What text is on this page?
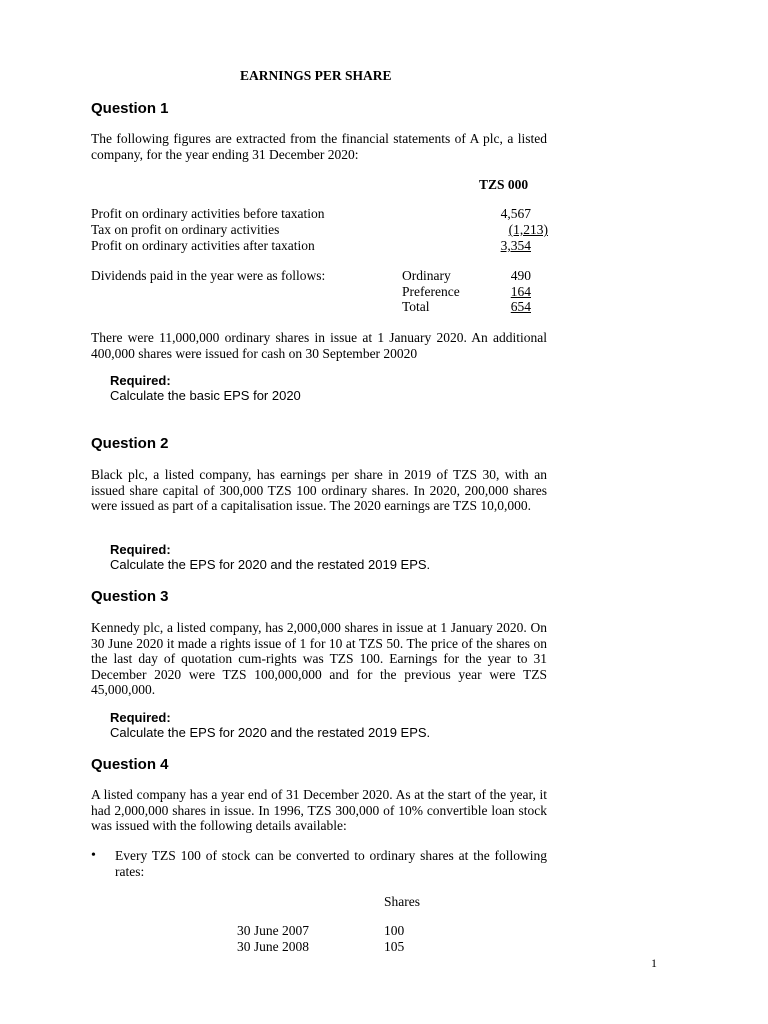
EARNINGS PER SHARE
Question 1
The following figures are extracted from the financial statements of A plc, a listed company, for the year ending 31 December 2020:
TZS 000
Profit on ordinary activities before taxation	4,567
Tax on profit on ordinary activities	(1,213)
Profit on ordinary activities after taxation	3,354
Dividends paid in the year were as follows:	Ordinary	490
Preference	164
Total	654
There were 11,000,000 ordinary shares in issue at 1 January 2020. An additional 400,000 shares were issued for cash on 30 September 20020
Required:
Calculate the basic EPS for 2020
Question 2
Black plc, a listed company, has earnings per share in 2019 of TZS 30, with an issued share capital of 300,000 TZS 100 ordinary shares. In 2020, 200,000 shares were issued as part of a capitalisation issue. The 2020 earnings are TZS 10,0,000.
Required:
Calculate the EPS for 2020 and the restated 2019 EPS.
Question 3
Kennedy plc, a listed company, has 2,000,000 shares in issue at 1 January 2020. On 30 June 2020 it made a rights issue of 1 for 10 at TZS 50. The price of the shares on the last day of quotation cum-rights was TZS 100. Earnings for the year to 31 December 2020 were TZS 100,000,000 and for the previous year were TZS 45,000,000.
Required:
Calculate the EPS for 2020 and the restated 2019 EPS.
Question 4
A listed company has a year end of 31 December 2020. As at the start of the year, it had 2,000,000 shares in issue. In 1996, TZS 300,000 of 10% convertible loan stock was issued with the following details available:
• Every TZS 100 of stock can be converted to ordinary shares at the following rates:
Shares
30 June 2007	100
30 June 2008	105
1
